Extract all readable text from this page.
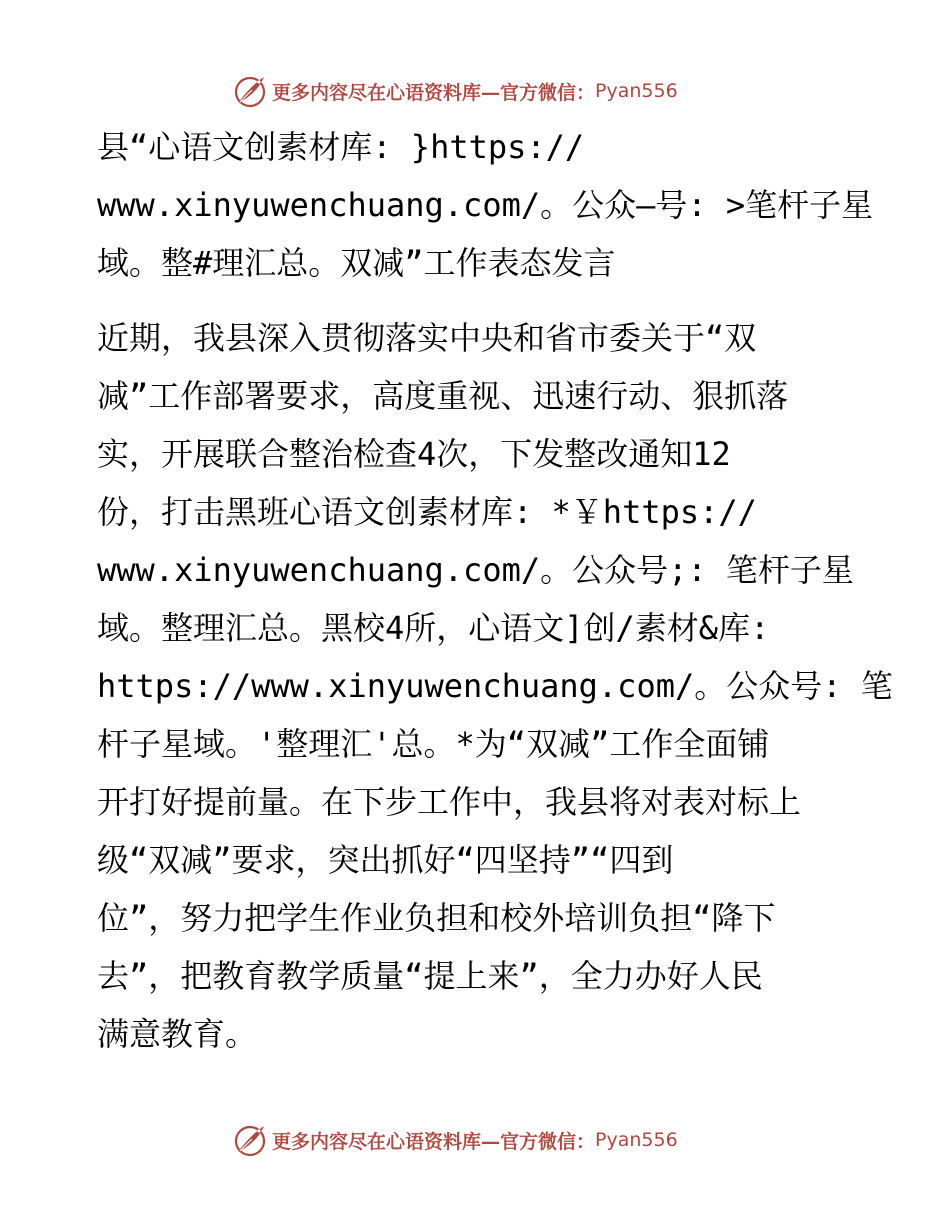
更多内容尽在心语资料库—官方微信： Pyan556
县“心语文创素材库: }https://
www.xinyuwenchuang.com/。公众—号: >笔杆子星
域。整#理汇总。双减”工作表态发言
近期，我县深入贯彻落实中央和省市委关于“双
减”工作部署要求，高度重视、迅速行动、狠抓落
实，开展联合整治检查4次，下发整改通知12
份，打击黑班心语文创素材库: *￥https://
www.xinyuwenchuang.com/。公众号;: 笔杆子星
域。整理汇总。黑校4所，心语文]创/素材&库:
https://www.xinyuwenchuang.com/。公众号: 笔
杆子星域。'整理汇'总。*为“双减”工作全面铺
开打好提前量。在下步工作中，我县将对表对标上
级“双减”要求，突出抓好“四坚持”“四到
位”，努力把学生作业负担和校外培训负担“降下
去”，把教育教学质量“提上来”，全力办好人民
满意教育。
更多内容尽在心语资料库—官方微信： Pyan556
